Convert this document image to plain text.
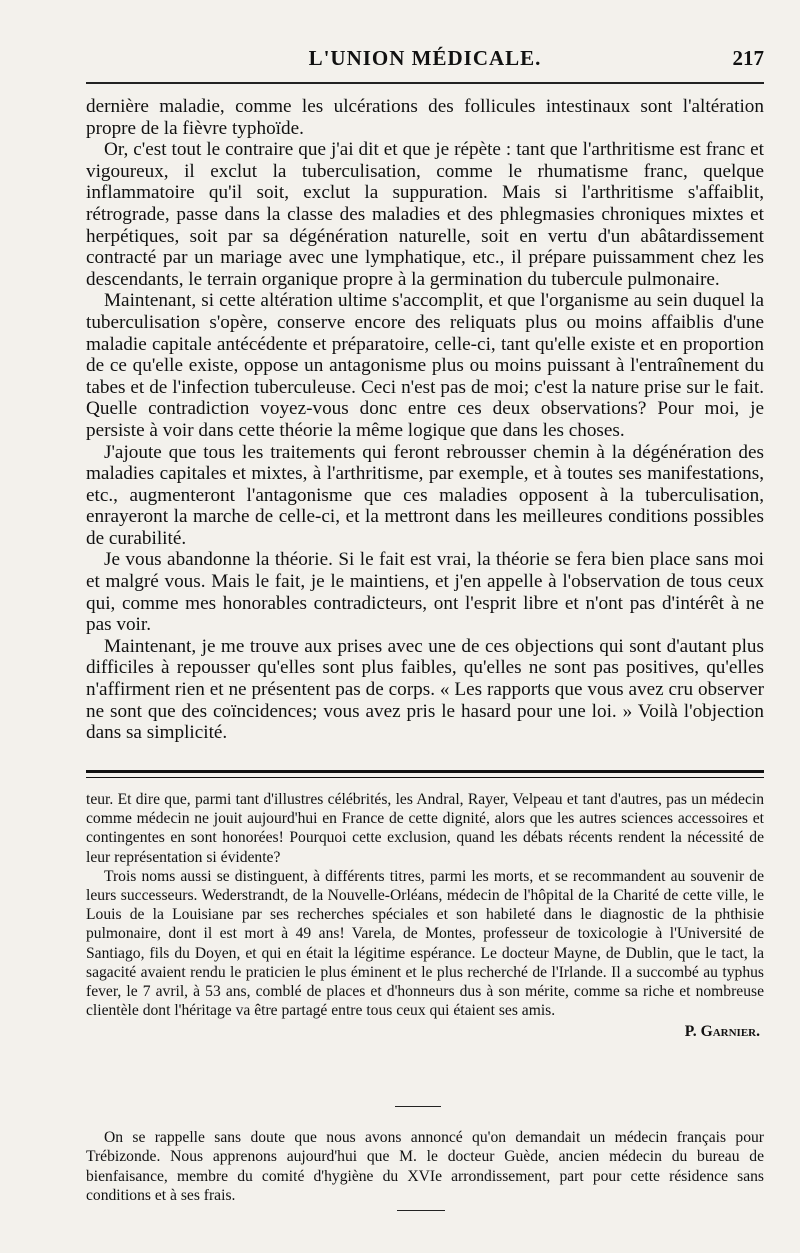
L'UNION MÉDICALE.	217

dernière maladie, comme les ulcérations des follicules intestinaux sont l'altération propre de la fièvre typhoïde.

Or, c'est tout le contraire que j'ai dit et que je répète : tant que l'arthritisme est franc et vigoureux, il exclut la tuberculisation, comme le rhumatisme franc, quelque inflammatoire qu'il soit, exclut la suppuration. Mais si l'arthritisme s'affaiblit, rétrograde, passe dans la classe des maladies et des phlegmasies chroniques mixtes et herpétiques, soit par sa dégénération naturelle, soit en vertu d'un abâtardissement contracté par un mariage avec une lymphatique, etc., il prépare puissamment chez les descendants, le terrain organique propre à la germination du tubercule pulmonaire.

Maintenant, si cette altération ultime s'accomplit, et que l'organisme au sein duquel la tuberculisation s'opère, conserve encore des reliquats plus ou moins affaiblis d'une maladie capitale antécédente et préparatoire, celle-ci, tant qu'elle existe et en proportion de ce qu'elle existe, oppose un antagonisme plus ou moins puissant à l'entraînement du tabes et de l'infection tuberculeuse. Ceci n'est pas de moi; c'est la nature prise sur le fait. Quelle contradiction voyez-vous donc entre ces deux observations? Pour moi, je persiste à voir dans cette théorie la même logique que dans les choses.

J'ajoute que tous les traitements qui feront rebrousser chemin à la dégénération des maladies capitales et mixtes, à l'arthritisme, par exemple, et à toutes ses manifestations, etc., augmenteront l'antagonisme que ces maladies opposent à la tuberculisation, enrayeront la marche de celle-ci, et la mettront dans les meilleures conditions possibles de curabilité.

Je vous abandonne la théorie. Si le fait est vrai, la théorie se fera bien place sans moi et malgré vous. Mais le fait, je le maintiens, et j'en appelle à l'observation de tous ceux qui, comme mes honorables contradicteurs, ont l'esprit libre et n'ont pas d'intérêt à ne pas voir.

Maintenant, je me trouve aux prises avec une de ces objections qui sont d'autant plus difficiles à repousser qu'elles sont plus faibles, qu'elles ne sont pas positives, qu'elles n'affirment rien et ne présentent pas de corps. « Les rapports que vous avez cru observer ne sont que des coïncidences; vous avez pris le hasard pour une loi. » Voilà l'objection dans sa simplicité.

teur. Et dire que, parmi tant d'illustres célébrités, les Andral, Rayer, Velpeau et tant d'autres, pas un médecin comme médecin ne jouit aujourd'hui en France de cette dignité, alors que les autres sciences accessoires et contingentes en sont honorées! Pourquoi cette exclusion, quand les débats récents rendent la nécessité de leur représentation si évidente?

Trois noms aussi se distinguent, à différents titres, parmi les morts, et se recommandent au souvenir de leurs successeurs. Wederstrandt, de la Nouvelle-Orléans, médecin de l'hôpital de la Charité de cette ville, le Louis de la Louisiane par ses recherches spéciales et son habileté dans le diagnostic de la phthisie pulmonaire, dont il est mort à 49 ans! Varela, de Montes, professeur de toxicologie à l'Université de Santiago, fils du Doyen, et qui en était la légitime espérance. Le docteur Mayne, de Dublin, que le tact, la sagacité avaient rendu le praticien le plus éminent et le plus recherché de l'Irlande. Il a succombé au typhus fever, le 7 avril, à 53 ans, comblé de places et d'honneurs dus à son mérite, comme sa riche et nombreuse clientèle dont l'héritage va être partagé entre tous ceux qui étaient ses amis.

P. Garnier.

On se rappelle sans doute que nous avons annoncé qu'on demandait un médecin français pour Trébizonde. Nous apprenons aujourd'hui que M. le docteur Guède, ancien médecin du bureau de bienfaisance, membre du comité d'hygiène du XVIe arrondissement, part pour cette résidence sans conditions et à ses frais.
